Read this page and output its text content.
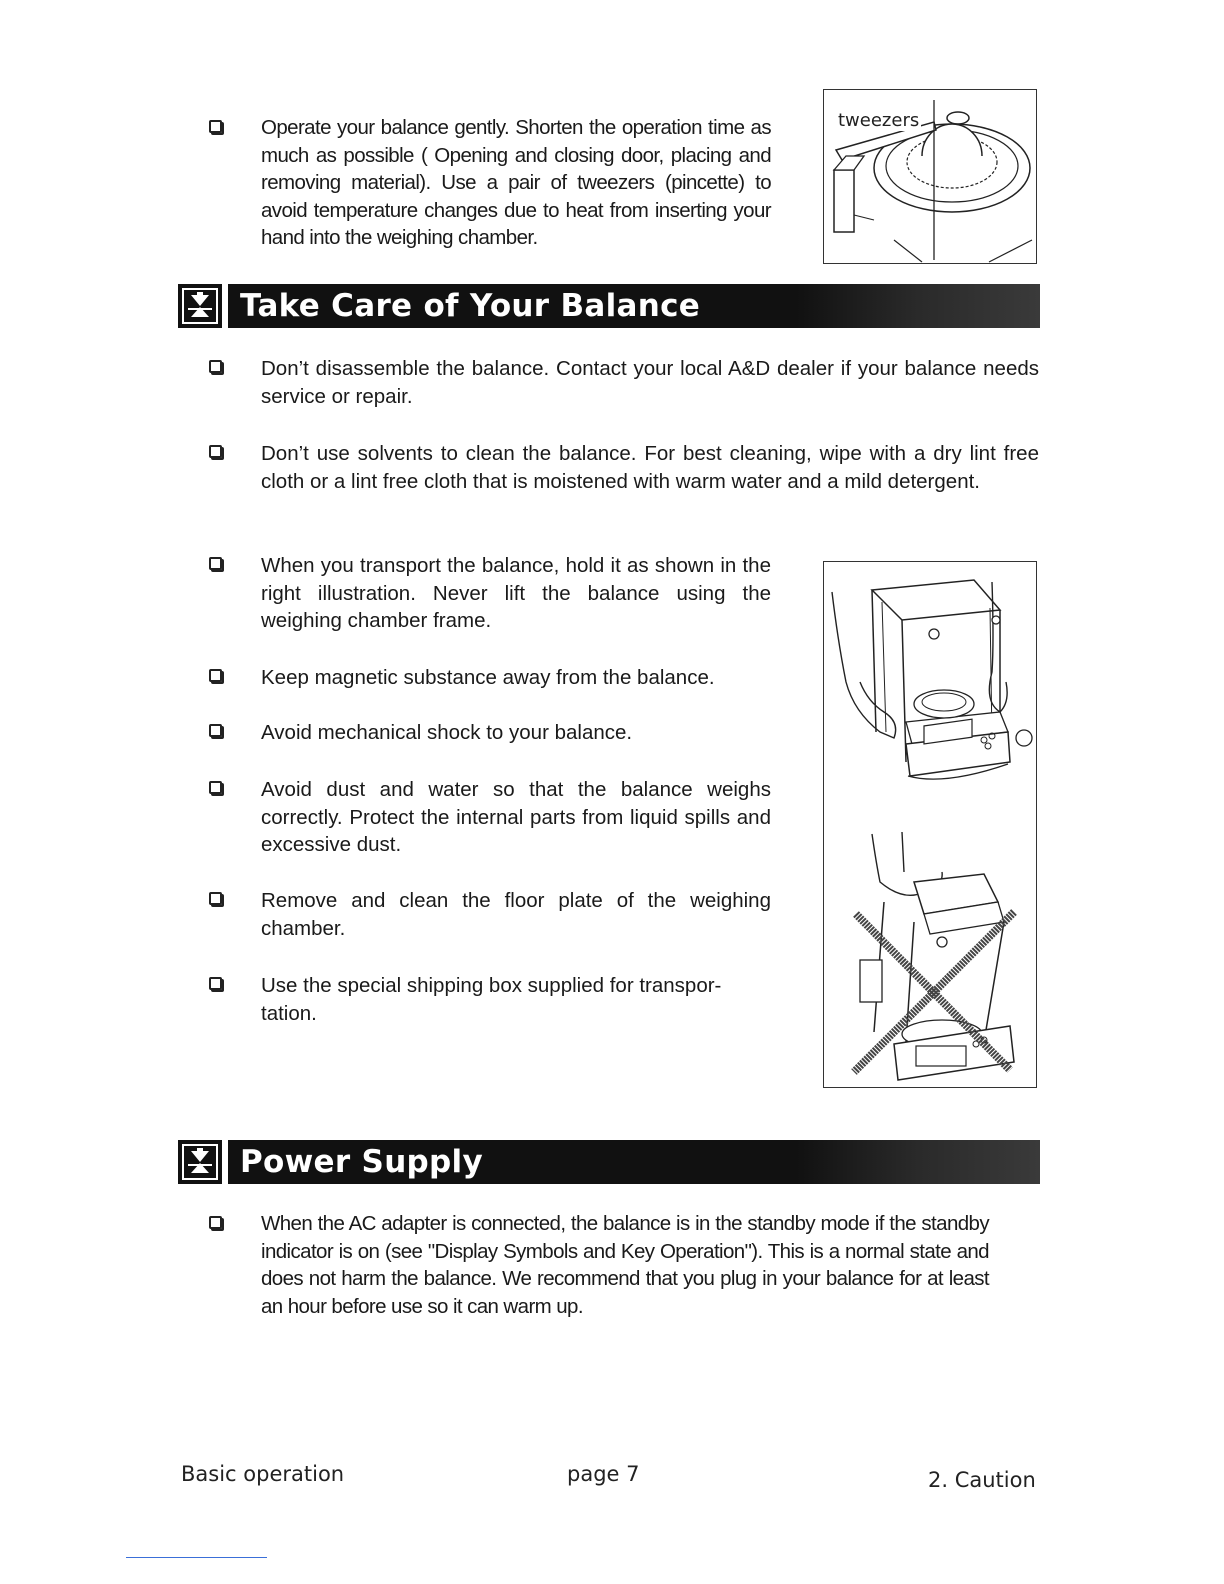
Operate your balance gently. Shorten the operation time as much as possible ( Opening and closing door, placing and removing material). Use a pair of tweezers (pincette) to avoid temperature changes due to heat from inserting your hand into the weighing chamber.
tweezers
Take Care of Your Balance
Don’t disassemble the balance. Contact your local A&D dealer if your balance needs service or repair.
Don’t use solvents to clean the balance. For best cleaning, wipe with a dry lint free cloth or a lint free cloth that is moistened with warm water and a mild detergent.
When you transport the balance, hold it as shown in the right illustration. Never lift the balance using the weighing chamber frame.
Keep magnetic substance away from the balance.
Avoid mechanical shock to your balance.
Avoid dust and water so that the balance weighs correctly. Protect the internal parts from liquid spills and excessive dust.
Remove and clean the floor plate of the weighing chamber.
Use the special shipping box supplied for transpor-tation.
Power Supply
When the AC adapter is connected, the balance is in the standby mode if the standby indicator is on (see "Display Symbols and Key Operation"). This is a normal state and does not harm the balance. We recommend that you plug in your balance for at least an hour before use so it can warm up.
Basic operation	page 7	2. Caution
